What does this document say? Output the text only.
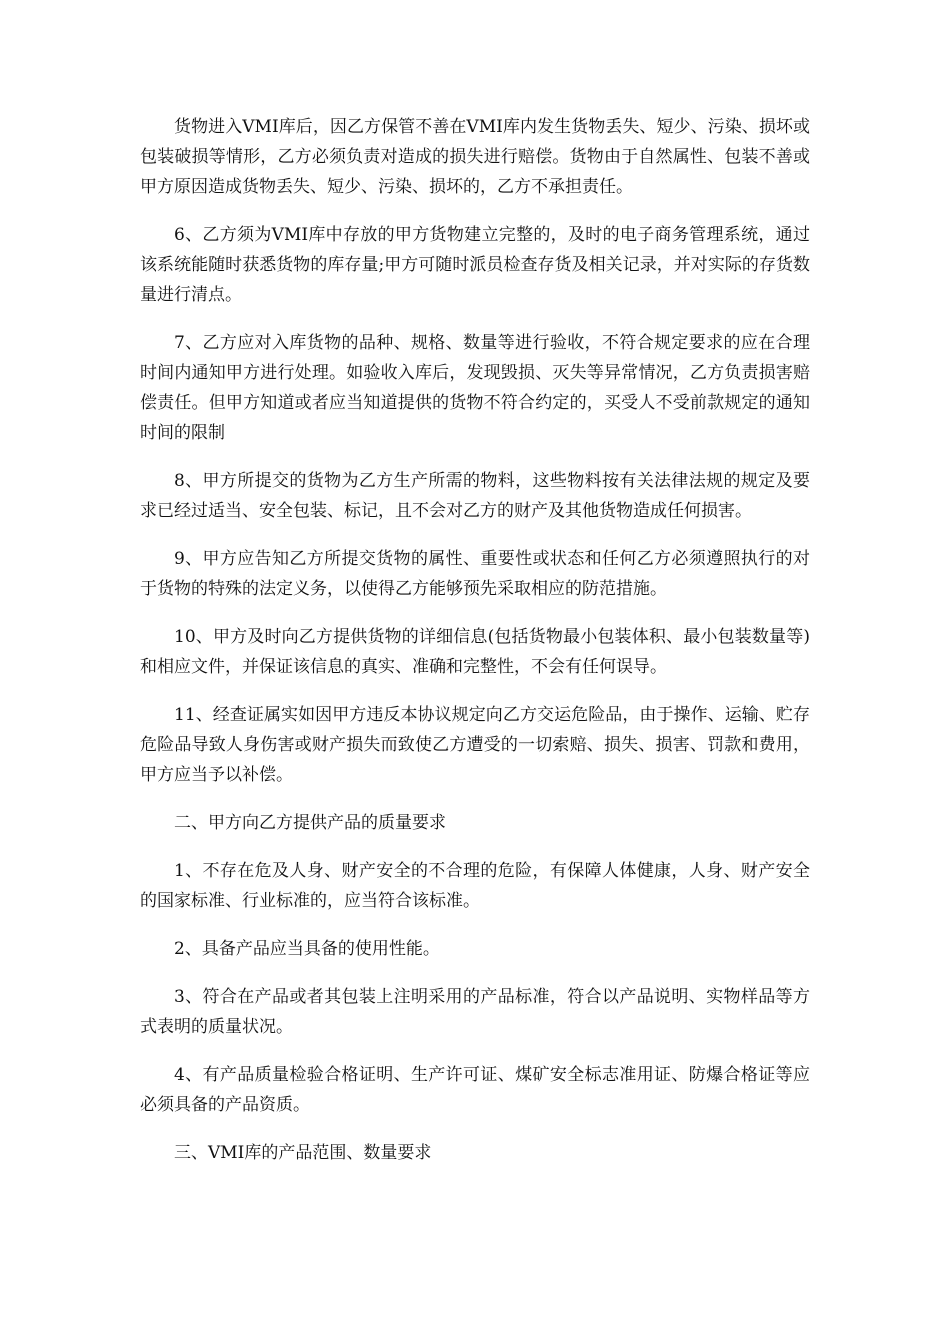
货物进入VMI库后，因乙方保管不善在VMI库内发生货物丢失、短少、污染、损坏或包装破损等情形，乙方必须负责对造成的损失进行赔偿。货物由于自然属性、包装不善或甲方原因造成货物丢失、短少、污染、损坏的，乙方不承担责任。

6、乙方须为VMI库中存放的甲方货物建立完整的，及时的电子商务管理系统，通过该系统能随时获悉货物的库存量;甲方可随时派员检查存货及相关记录，并对实际的存货数量进行清点。

7、乙方应对入库货物的品种、规格、数量等进行验收，不符合规定要求的应在合理时间内通知甲方进行处理。如验收入库后，发现毁损、灭失等异常情况，乙方负责损害赔偿责任。但甲方知道或者应当知道提供的货物不符合约定的，买受人不受前款规定的通知时间的限制

8、甲方所提交的货物为乙方生产所需的物料，这些物料按有关法律法规的规定及要求已经过适当、安全包装、标记，且不会对乙方的财产及其他货物造成任何损害。

9、甲方应告知乙方所提交货物的属性、重要性或状态和任何乙方必须遵照执行的对于货物的特殊的法定义务，以使得乙方能够预先采取相应的防范措施。

10、甲方及时向乙方提供货物的详细信息(包括货物最小包装体积、最小包装数量等)和相应文件，并保证该信息的真实、准确和完整性，不会有任何误导。

11、经查证属实如因甲方违反本协议规定向乙方交运危险品，由于操作、运输、贮存危险品导致人身伤害或财产损失而致使乙方遭受的一切索赔、损失、损害、罚款和费用，甲方应当予以补偿。

二、甲方向乙方提供产品的质量要求

1、不存在危及人身、财产安全的不合理的危险，有保障人体健康，人身、财产安全的国家标准、行业标准的，应当符合该标准。

2、具备产品应当具备的使用性能。

3、符合在产品或者其包装上注明采用的产品标准，符合以产品说明、实物样品等方式表明的质量状况。

4、有产品质量检验合格证明、生产许可证、煤矿安全标志准用证、防爆合格证等应必须具备的产品资质。

三、VMI库的产品范围、数量要求
